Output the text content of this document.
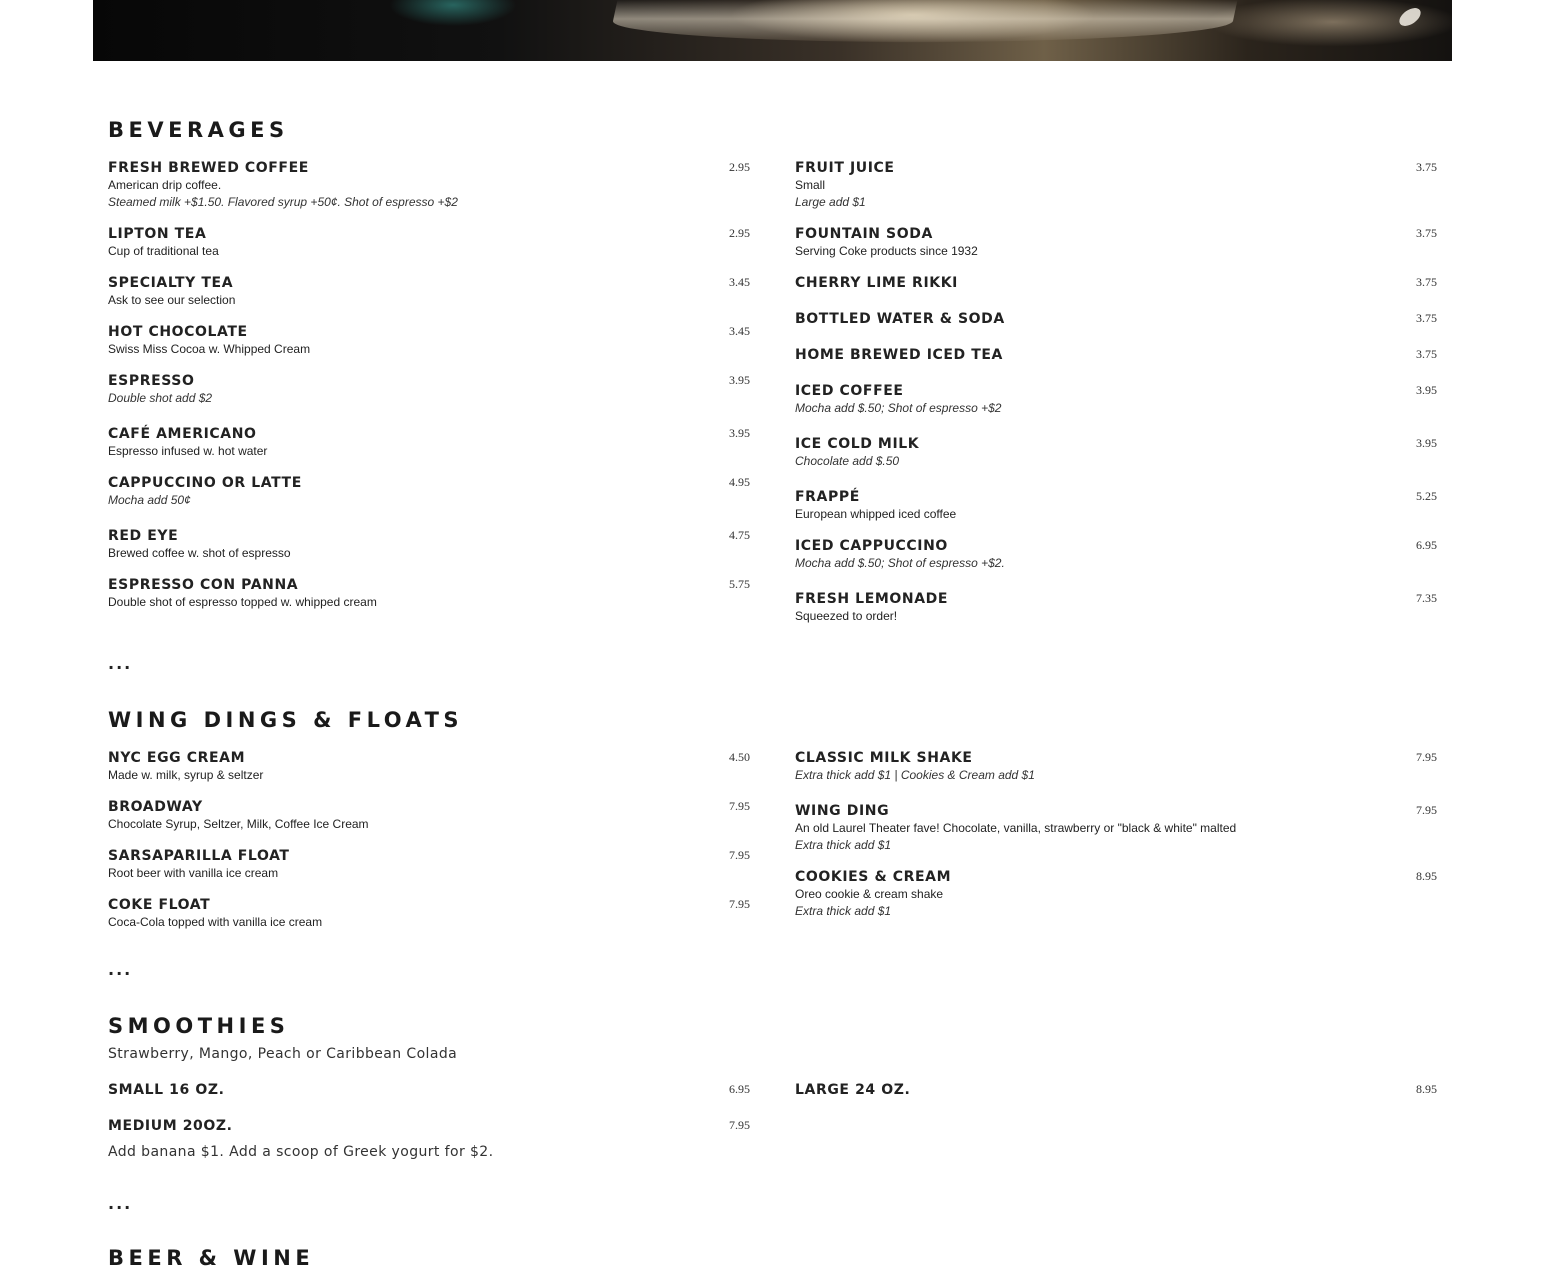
BEVERAGES
FRESH BREWED COFFEE	2.95
American drip coffee.
Steamed milk +$1.50. Flavored syrup +50¢. Shot of espresso +$2
LIPTON TEA	2.95
Cup of traditional tea
SPECIALTY TEA	3.45
Ask to see our selection
HOT CHOCOLATE	3.45
Swiss Miss Cocoa w. Whipped Cream
ESPRESSO	3.95
Double shot add $2
CAFÉ AMERICANO	3.95
Espresso infused w. hot water
CAPPUCCINO OR LATTE	4.95
Mocha add 50¢
RED EYE	4.75
Brewed coffee w. shot of espresso
ESPRESSO CON PANNA	5.75
Double shot of espresso topped w. whipped cream
FRUIT JUICE	3.75
Small
Large add $1
FOUNTAIN SODA	3.75
Serving Coke products since 1932
CHERRY LIME RIKKI	3.75
BOTTLED WATER & SODA	3.75
HOME BREWED ICED TEA	3.75
ICED COFFEE	3.95
Mocha add $.50; Shot of espresso +$2
ICE COLD MILK	3.95
Chocolate add $.50
FRAPPÉ	5.25
European whipped iced coffee
ICED CAPPUCCINO	6.95
Mocha add $.50; Shot of espresso +$2.
FRESH LEMONADE	7.35
Squeezed to order!
...
WING DINGS & FLOATS
NYC EGG CREAM	4.50
Made w. milk, syrup & seltzer
BROADWAY	7.95
Chocolate Syrup, Seltzer, Milk, Coffee Ice Cream
SARSAPARILLA FLOAT	7.95
Root beer with vanilla ice cream
COKE FLOAT	7.95
Coca-Cola topped with vanilla ice cream
CLASSIC MILK SHAKE	7.95
Extra thick add $1 | Cookies & Cream add $1
WING DING	7.95
An old Laurel Theater fave! Chocolate, vanilla, strawberry or "black & white" malted
Extra thick add $1
COOKIES & CREAM	8.95
Oreo cookie & cream shake
Extra thick add $1
...
SMOOTHIES
Strawberry, Mango, Peach or Caribbean Colada
SMALL 16 OZ.	6.95
MEDIUM 20OZ.	7.95
LARGE 24 OZ.	8.95
Add banana $1. Add a scoop of Greek yogurt for $2.
...
BEER & WINE
